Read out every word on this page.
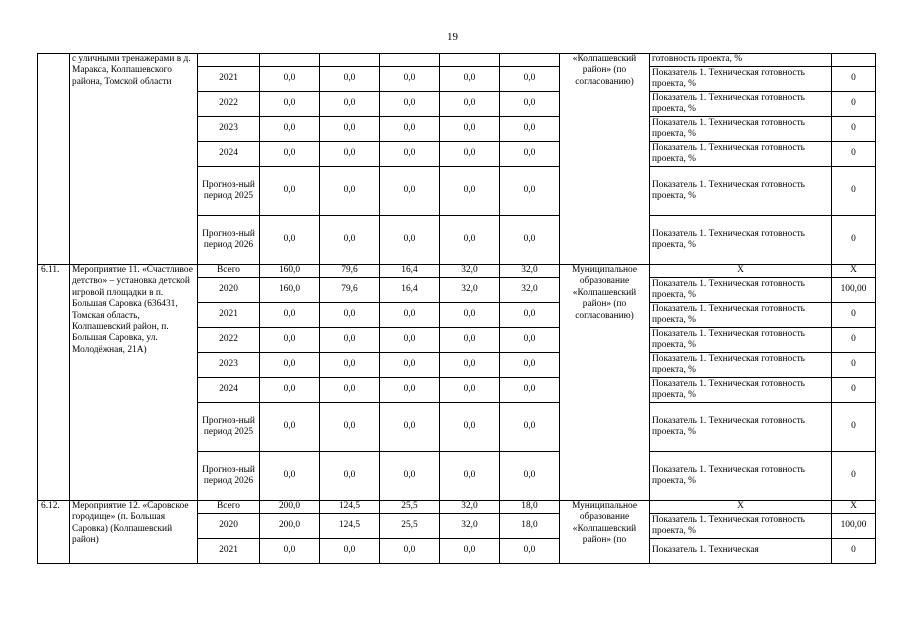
19
	с уличными тренажерами в д. Маракса, Колпашевского района, Томской области							«Колпашевский район» (по согласованию)	готовность проекта, %	
		2021	0,0	0,0	0,0	0,0	0,0		Показатель 1. Техническая готовность проекта, %	0
		2022	0,0	0,0	0,0	0,0	0,0		Показатель 1. Техническая готовность проекта, %	0
		2023	0,0	0,0	0,0	0,0	0,0		Показатель 1. Техническая готовность проекта, %	0
		2024	0,0	0,0	0,0	0,0	0,0		Показатель 1. Техническая готовность проекта, %	0
		Прогноз-ный период 2025	0,0	0,0	0,0	0,0	0,0		Показатель 1. Техническая готовность проекта, %	0
		Прогноз-ный период 2026	0,0	0,0	0,0	0,0	0,0		Показатель 1. Техническая готовность проекта, %	0
6.11.	Мероприятие 11. «Счастливое детство» – установка детской игровой площадки в п. Большая Саровка (636431, Томская область, Колпашевский район, п. Большая Саровка, ул. Молодёжная, 21А)	Всего	160,0	79,6	16,4	32,0	32,0	Муниципальное образование «Колпашевский район» (по согласованию)	Х	Х
		2020	160,0	79,6	16,4	32,0	32,0		Показатель 1. Техническая готовность проекта, %	100,00
		2021	0,0	0,0	0,0	0,0	0,0		Показатель 1. Техническая готовность проекта, %	0
		2022	0,0	0,0	0,0	0,0	0,0		Показатель 1. Техническая готовность проекта, %	0
		2023	0,0	0,0	0,0	0,0	0,0		Показатель 1. Техническая готовность проекта, %	0
		2024	0,0	0,0	0,0	0,0	0,0		Показатель 1. Техническая готовность проекта, %	0
		Прогноз-ный период 2025	0,0	0,0	0,0	0,0	0,0		Показатель 1. Техническая готовность проекта, %	0
		Прогноз-ный период 2026	0,0	0,0	0,0	0,0	0,0		Показатель 1. Техническая готовность проекта, %	0
6.12.	Мероприятие 12. «Саровское городище» (п. Большая Саровка) (Колпашевский район)	Всего	200,0	124,5	25,5	32,0	18,0	Муниципальное образование «Колпашевский район» (по	Х	Х
		2020	200,0	124,5	25,5	32,0	18,0		Показатель 1. Техническая готовность проекта, %	100,00
		2021	0,0	0,0	0,0	0,0	0,0		Показатель 1. Техническая	0
